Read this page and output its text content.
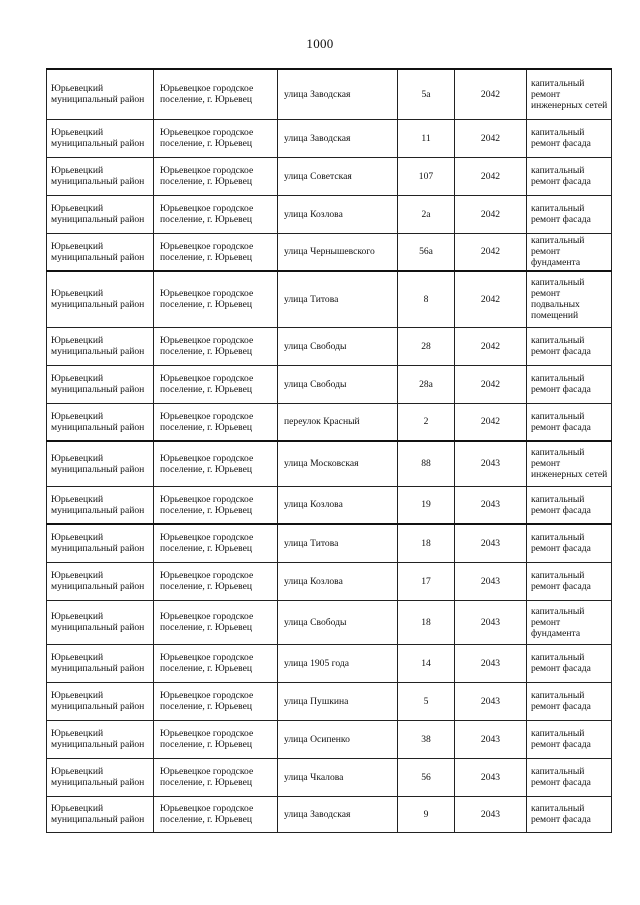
1000
Юрьевецкий муниципальный район	Юрьевецкое городское поселение, г. Юрьевец	улица Заводская	5а	2042	капитальный ремонт инженерных сетей
Юрьевецкий муниципальный район	Юрьевецкое городское поселение, г. Юрьевец	улица Заводская	11	2042	капитальный ремонт фасада
Юрьевецкий муниципальный район	Юрьевецкое городское поселение, г. Юрьевец	улица Советская	107	2042	капитальный ремонт фасада
Юрьевецкий муниципальный район	Юрьевецкое городское поселение, г. Юрьевец	улица Козлова	2а	2042	капитальный ремонт фасада
Юрьевецкий муниципальный район	Юрьевецкое городское поселение, г. Юрьевец	улица Чернышевского	56а	2042	капитальный ремонт фундамента
Юрьевецкий муниципальный район	Юрьевецкое городское поселение, г. Юрьевец	улица Титова	8	2042	капитальный ремонт подвальных помещений
Юрьевецкий муниципальный район	Юрьевецкое городское поселение, г. Юрьевец	улица Свободы	28	2042	капитальный ремонт фасада
Юрьевецкий муниципальный район	Юрьевецкое городское поселение, г. Юрьевец	улица Свободы	28а	2042	капитальный ремонт фасада
Юрьевецкий муниципальный район	Юрьевецкое городское поселение, г. Юрьевец	переулок Красный	2	2042	капитальный ремонт фасада
Юрьевецкий муниципальный район	Юрьевецкое городское поселение, г. Юрьевец	улица Московская	88	2043	капитальный ремонт инженерных сетей
Юрьевецкий муниципальный район	Юрьевецкое городское поселение, г. Юрьевец	улица Козлова	19	2043	капитальный ремонт фасада
Юрьевецкий муниципальный район	Юрьевецкое городское поселение, г. Юрьевец	улица Титова	18	2043	капитальный ремонт фасада
Юрьевецкий муниципальный район	Юрьевецкое городское поселение, г. Юрьевец	улица Козлова	17	2043	капитальный ремонт фасада
Юрьевецкий муниципальный район	Юрьевецкое городское поселение, г. Юрьевец	улица Свободы	18	2043	капитальный ремонт фундамента
Юрьевецкий муниципальный район	Юрьевецкое городское поселение, г. Юрьевец	улица 1905 года	14	2043	капитальный ремонт фасада
Юрьевецкий муниципальный район	Юрьевецкое городское поселение, г. Юрьевец	улица Пушкина	5	2043	капитальный ремонт фасада
Юрьевецкий муниципальный район	Юрьевецкое городское поселение, г. Юрьевец	улица Осипенко	38	2043	капитальный ремонт фасада
Юрьевецкий муниципальный район	Юрьевецкое городское поселение, г. Юрьевец	улица Чкалова	56	2043	капитальный ремонт фасада
Юрьевецкий муниципальный район	Юрьевецкое городское поселение, г. Юрьевец	улица Заводская	9	2043	капитальный ремонт фасада
